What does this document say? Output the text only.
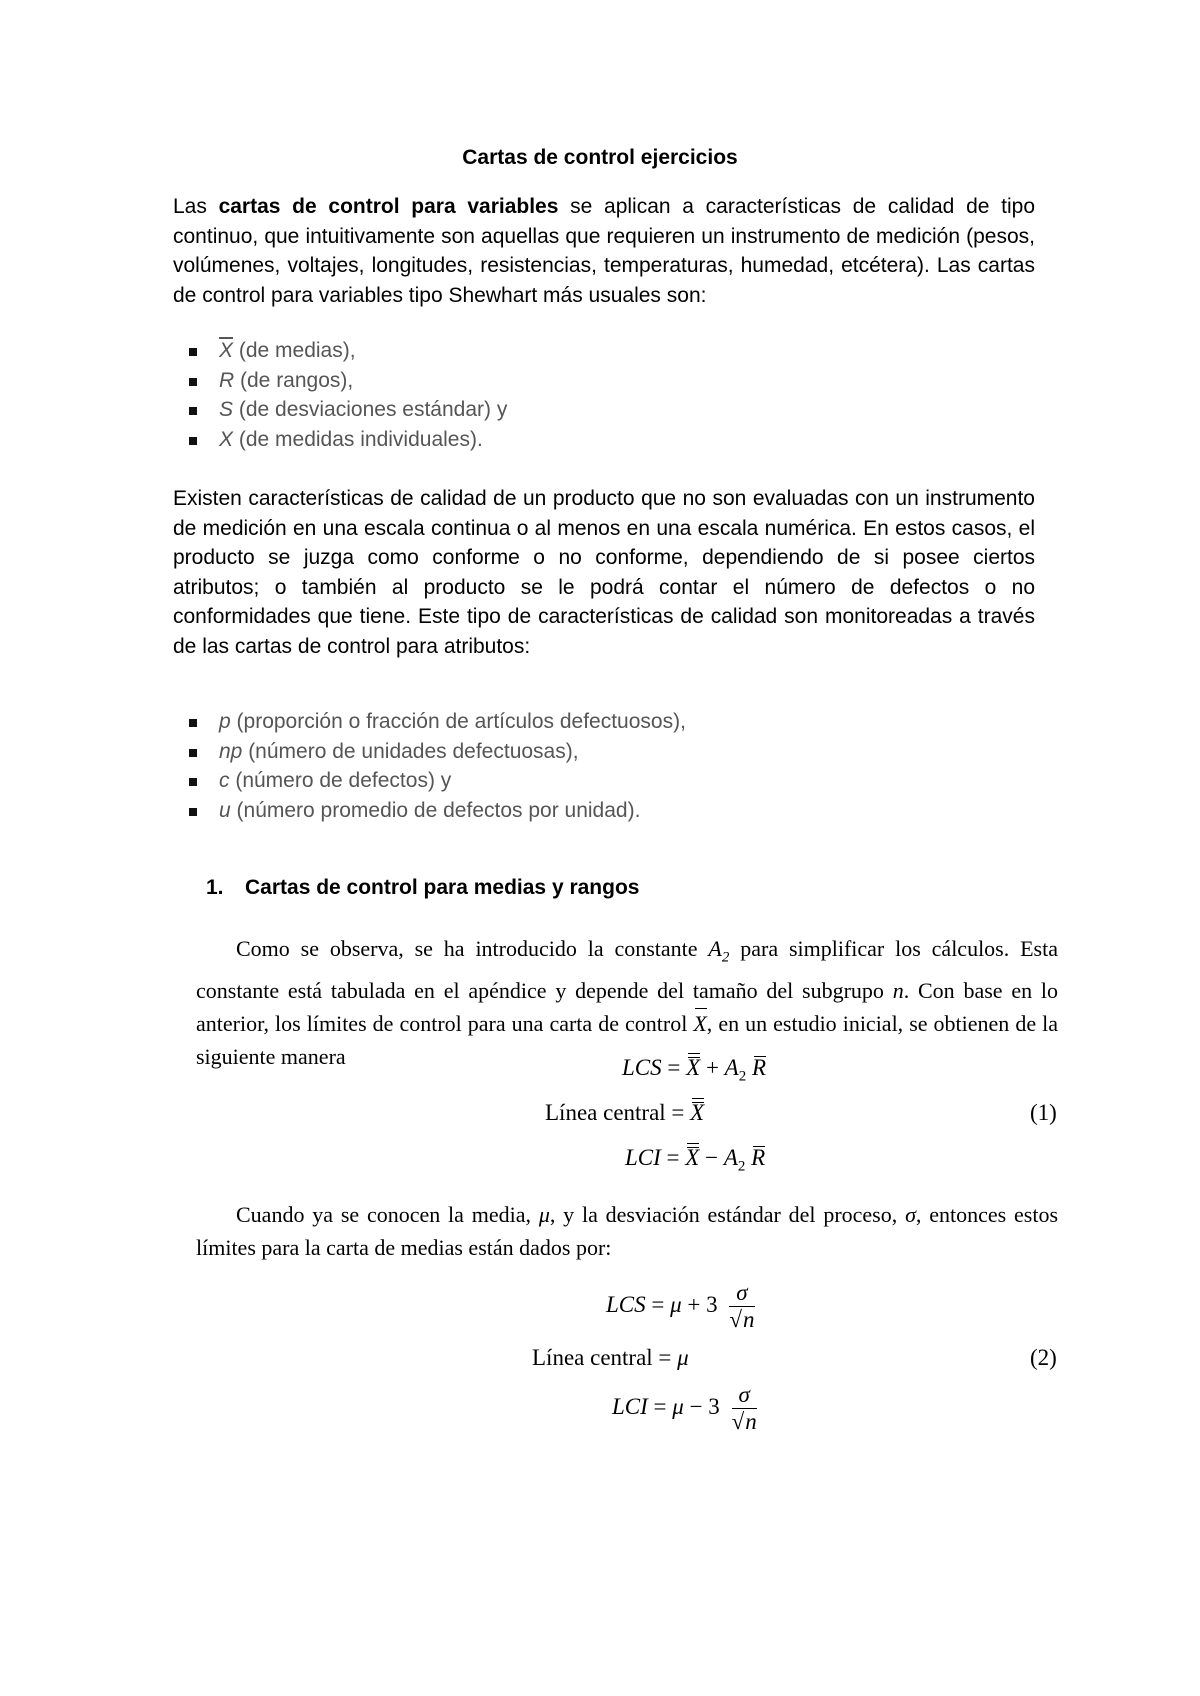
Cartas de control ejercicios

Las cartas de control para variables se aplican a características de calidad de tipo continuo, que intuitivamente son aquellas que requieren un instrumento de medición (pesos, volúmenes, voltajes, longitudes, resistencias, temperaturas, humedad, etcétera). Las cartas de control para variables tipo Shewhart más usuales son:

$\overline{X}$ (de medias),
R (de rangos),
S (de desviaciones estándar) y
X (de medidas individuales).

Existen características de calidad de un producto que no son evaluadas con un instrumento de medición en una escala continua o al menos en una escala numérica. En estos casos, el producto se juzga como conforme o no conforme, dependiendo de si posee ciertos atributos; o también al producto se le podrá contar el número de defectos o no conformidades que tiene. Este tipo de características de calidad son monitoreadas a través de las cartas de control para atributos:

p (proporción o fracción de artículos defectuosos),
np (número de unidades defectuosas),
c (número de defectos) y
u (número promedio de defectos por unidad).
1. Cartas de control para medias y rangos

Como se observa, se ha introducido la constante $A_2$ para simplificar los cálculos. Esta constante está tabulada en el apéndice y depende del tamaño del subgrupo n. Con base en lo anterior, los límites de control para una carta de control X, en un estudio inicial, se obtienen de la siguiente manera	LCS = $X + A_2$ R
Línea central = X	(1)
LCI = $X - A_2$ R

Cuando ya se conocen la media, μ, y la desviación estándar del proceso, σ, entonces estos límites para la carta de medias están dados por:

LCS = $\mu + 3 \frac{\sigma}{√n}$
Línea central = μ	(2)
LCI = $\mu - 3 \frac{\sigma}{√n}$
